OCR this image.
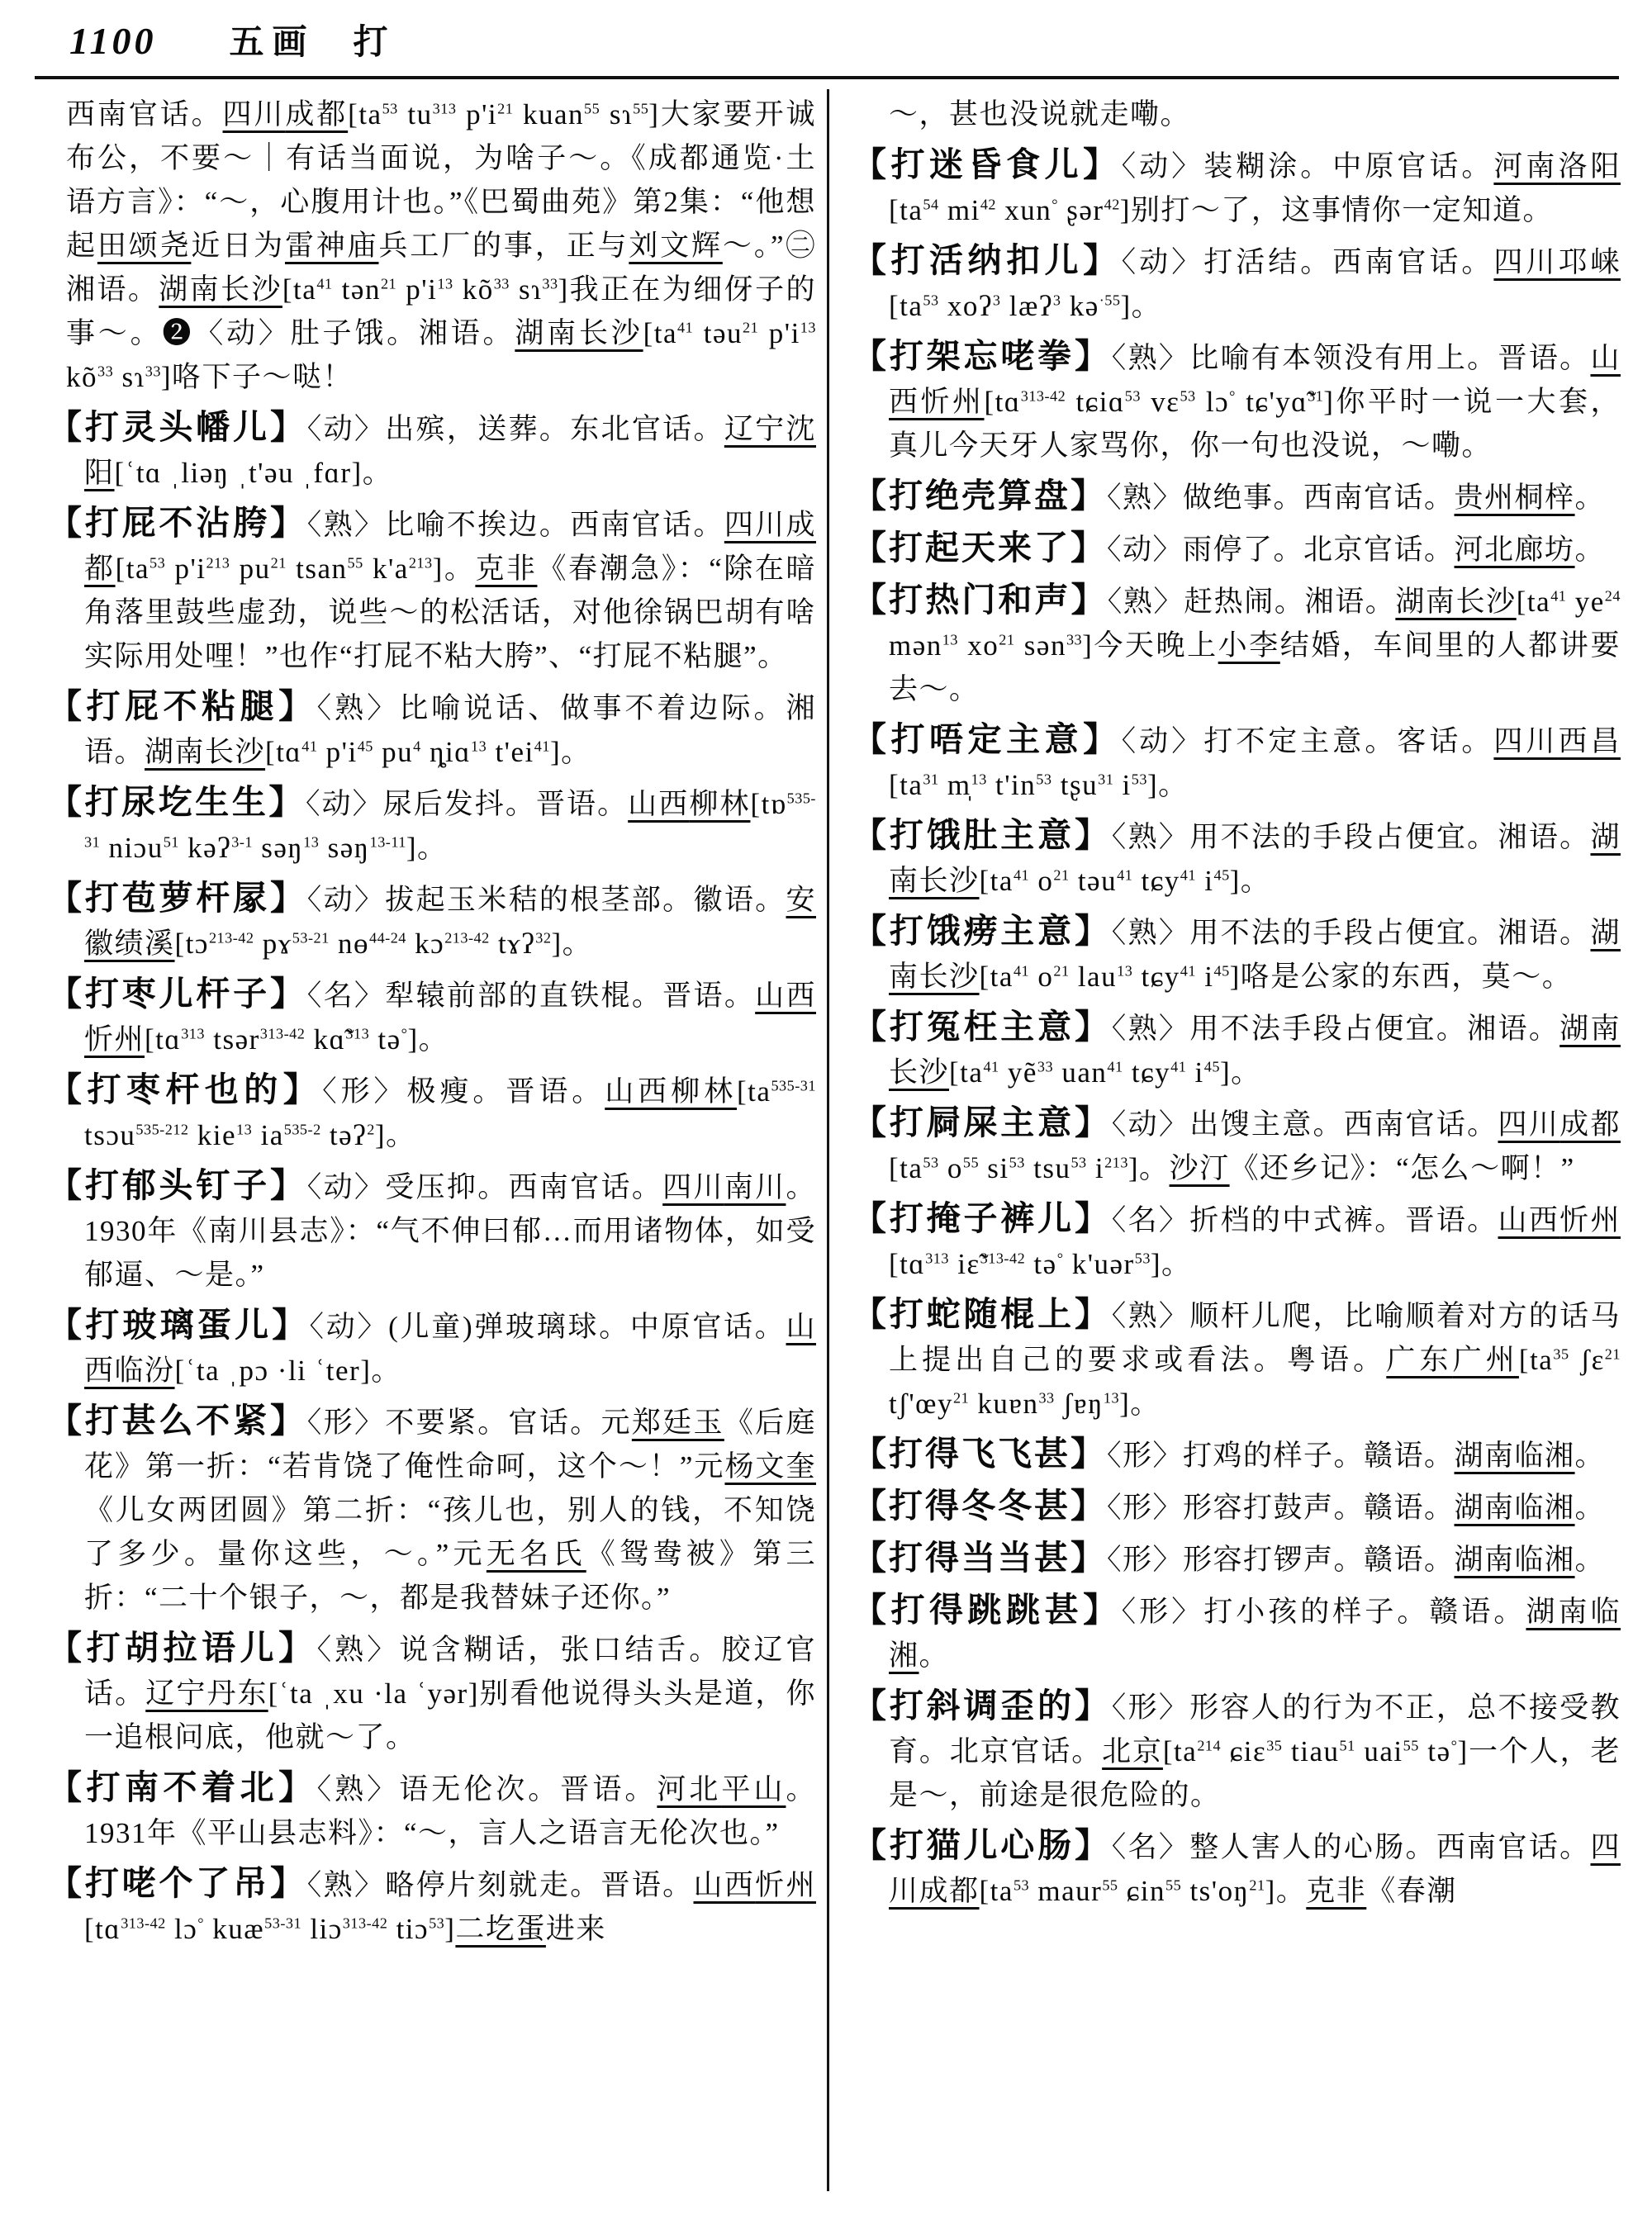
1100 五画 打

西南官话。四川成都[$ta^{53}$ $tu^{313}$ $p'i^{21}$ kuan$^{55}$ sɿ$^{55}$]大家要开诚布公，不要～｜有话当面说，为啥子～。《成都通览·土语方言》：“～，心腹用计也。”《巴蜀曲苑》第2集：“他想起田颂尧近日为雷神庙兵工厂的事，正与刘文辉～。”㊁湘语。湖南长沙[$ta^{41}$ tən$^{21}$ $p'i^{13}$ $kõ^{33}$ sɿ$^{33}$]我正在为细伢子的事～。❷〈动〉肚子饿。湘语。湖南长沙[$ta^{41}$ təu$^{21}$ $p'i^{13}$ $kõ^{33}$ sɿ$^{33}$]咯下子～哒！

【打灵头幡儿】〈动〉出殡，送葬。东北官话。辽宁沈阳[ʿtɑ ˌliəŋ ˌt'əu ˌfɑr]。

【打屁不沾胯】〈熟〉比喻不挨边。西南官话。四川成都[$ta^{53}$ $p'i^{213}$ $pu^{21}$ tsan$^{55}$ $k'a^{213}$]。克非《春潮急》：“除在暗角落里鼓些虚劲，说些～的松活话，对他徐锅巴胡有啥实际用处哩！”也作“打屁不粘大胯”、“打屁不粘腿”。

【打屁不粘腿】〈熟〉比喻说话、做事不着边际。湘语。湖南长沙[tɑ$^{41}$ $p'i^{45}$ $pu^4$ ȵiɑ$^{13}$ $t'ei^{41}$]。

【打尿圪生生】〈动〉尿后发抖。晋语。山西柳林[tɒ$^{535-31}$ niɔu$^{51}$ kəʔ$^{3-1}$ səŋ$^{13}$ səŋ$^{13-11}$]。

【打苞萝杆㞘】〈动〉拔起玉米秸的根茎部。徽语。安徽绩溪[tɔ$^{213-42}$ pɤ$^{53-21}$ nɵ$^{44-24}$ kɔ$^{213-42}$ tɤʔ$^{32}$]。

【打枣儿杆子】〈名〉犁辕前部的直铁棍。晋语。山西忻州[tɑ$^{313}$ tsər$^{313-42}$ kɑ̃$^{313}$ tə°]。

【打枣杆也的】〈形〉极瘦。晋语。山西柳林[$ta^{535-31}$ tsɔu$^{535-212}$ kie$^{13}$ $ia^{535-2}$ təʔ$^2$]。

【打郁头钉子】〈动〉受压抑。西南官话。四川南川。1930年《南川县志》：“气不伸曰郁…而用诸物体，如受郁逼、～是。”

【打玻璃蛋儿】〈动〉(儿童)弹玻璃球。中原官话。山西临汾[ʿta ˌpɔ ·li ʿter]。

【打甚么不紧】〈形〉不要紧。官话。元郑廷玉《后庭花》第一折：“若肯饶了俺性命呵，这个～！”元杨文奎《儿女两团圆》第二折：“孩儿也，别人的钱，不知饶了多少。量你这些，～。”元无名氏《鸳鸯被》第三折：“二十个银子，～，都是我替妹子还你。”

【打胡拉语儿】〈熟〉说含糊话，张口结舌。胶辽官话。辽宁丹东[ʿta ˌxu ·la ʿyər]别看他说得头头是道，你一追根问底，他就～了。

【打南不着北】〈熟〉语无伦次。晋语。河北平山。1931年《平山县志料》：“～，言人之语言无伦次也。”

【打咾个了吊】〈熟〉略停片刻就走。晋语。山西忻州[tɑ$^{313-42}$ lɔ° kuæ$^{53-31}$ liɔ$^{313-42}$ tiɔ$^{53}$]二圪蛋进来

～，甚也没说就走嘞。

【打迷昏食儿】〈动〉装糊涂。中原官话。河南洛阳[$ta^{54}$ $mi^{42}$ xun° ʂər$^{42}$]别打～了，这事情你一定知道。

【打活纳扣儿】〈动〉打活结。西南官话。四川邛崃[$ta^{53}$ xoʔ$^3$ læʔ$^3$ kə$^{\cdot 55}$]。

【打架忘咾拳】〈熟〉比喻有本领没有用上。晋语。山西忻州[tɑ$^{313-42}$ tɕiɑ$^{53}$ vɛ$^{53}$ lɔ° tɕ'yɑ̃$^{31}$]你平时一说一大套，真儿今天牙人家骂你，你一句也没说，～嘞。

【打绝壳算盘】〈熟〉做绝事。西南官话。贵州桐梓。

【打起天来了】〈动〉雨停了。北京官话。河北廊坊。

【打热门和声】〈熟〉赶热闹。湘语。湖南长沙[$ta^{41}$ $ye^{24}$ mən$^{13}$ $xo^{21}$ sən$^{33}$]今天晚上小李结婚，车间里的人都讲要去～。

【打唔定主意】〈动〉打不定主意。客话。四川西昌[$ta^{31}$ m̩$^{13}$ $t'in^{53}$ tʂu$^{31}$ $i^{53}$]。

【打饿肚主意】〈熟〉用不法的手段占便宜。湘语。湖南长沙[$ta^{41}$ $o^{21}$ təu$^{41}$ tɕy$^{41}$ $i^{45}$]。

【打饿痨主意】〈熟〉用不法的手段占便宜。湘语。湖南长沙[$ta^{41}$ $o^{21}$ lau$^{13}$ tɕy$^{41}$ $i^{45}$]咯是公家的东西，莫～。

【打冤枉主意】〈熟〉用不法手段占便宜。湘语。湖南长沙[$ta^{41}$ yẽ$^{33}$ uan$^{41}$ tɕy$^{41}$ $i^{45}$]。

【打屙屎主意】〈动〉出馊主意。西南官话。四川成都[$ta^{53}$ $o^{55}$ $si^{53}$ tsu$^{53}$ $i^{213}$]。沙汀《还乡记》：“怎么～啊！”

【打掩子裤儿】〈名〉折档的中式裤。晋语。山西忻州[tɑ$^{313}$ iɛ̃$^{313-42}$ tə° k'uər$^{53}$]。

【打蛇随棍上】〈熟〉顺杆儿爬，比喻顺着对方的话马上提出自己的要求或看法。粤语。广东广州[$ta^{35}$ ʃɛ$^{21}$ $tʃ'œy^{21}$ kuɐn$^{33}$ ʃɐŋ$^{13}$]。

【打得飞飞甚】〈形〉打鸡的样子。赣语。湖南临湘。

【打得冬冬甚】〈形〉形容打鼓声。赣语。湖南临湘。

【打得当当甚】〈形〉形容打锣声。赣语。湖南临湘。

【打得跳跳甚】〈形〉打小孩的样子。赣语。湖南临湘。

【打斜调歪的】〈形〉形容人的行为不正，总不接受教育。北京官话。北京[$ta^{214}$ ɕiɛ$^{35}$ tiau$^{51}$ uai$^{55}$ tə°]一个人，老是～，前途是很危险的。

【打猫儿心肠】〈名〉整人害人的心肠。西南官话。四川成都[$ta^{53}$ maur$^{55}$ ɕin$^{55}$ $ts'oŋ^{21}$]。克非《春潮
